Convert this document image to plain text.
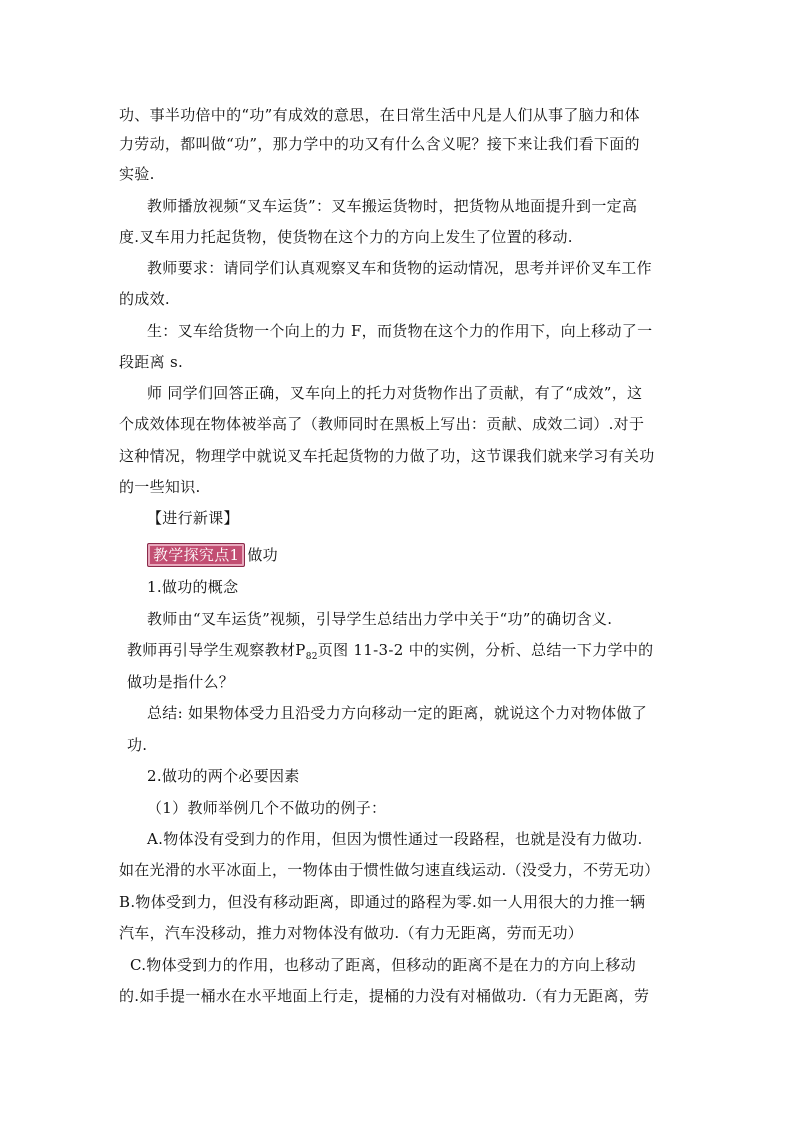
功、事半功倍中的“功”有成效的意思，在日常生活中凡是人们从事了脑力和体
力劳动，都叫做“功”，那力学中的功又有什么含义呢？接下来让我们看下面的
实验.
教师播放视频“叉车运货”：叉车搬运货物时，把货物从地面提升到一定高
度.叉车用力托起货物，使货物在这个力的方向上发生了位置的移动.
教师要求：请同学们认真观察叉车和货物的运动情况，思考并评价叉车工作
的成效.
生：叉车给货物一个向上的力 F，而货物在这个力的作用下，向上移动了一
段距离 s.
师 同学们回答正确，叉车向上的托力对货物作出了贡献，有了“成效”，这
个成效体现在物体被举高了（教师同时在黑板上写出：贡献、成效二词）.对于
这种情况，物理学中就说叉车托起货物的力做了功，这节课我们就来学习有关功
的一些知识.
【进行新课】
教学探究点1 做功
1.做功的概念
教师由“叉车运货”视频，引导学生总结出力学中关于“功”的确切含义.
教师再引导学生观察教材$P_{82}$页图 11-3-2 中的实例，分析、总结一下力学中的
做功是指什么？
总结: 如果物体受力且沿受力方向移动一定的距离，就说这个力对物体做了
功.
2.做功的两个必要因素
（1）教师举例几个不做功的例子：
A.物体没有受到力的作用，但因为惯性通过一段路程，也就是没有力做功.
如在光滑的水平冰面上，一物体由于惯性做匀速直线运动.（没受力，不劳无功）
B.物体受到力，但没有移动距离，即通过的路程为零.如一人用很大的力推一辆
汽车，汽车没移动，推力对物体没有做功.（有力无距离，劳而无功）
C.物体受到力的作用，也移动了距离，但移动的距离不是在力的方向上移动
的.如手提一桶水在水平地面上行走，提桶的力没有对桶做功.（有力无距离，劳
